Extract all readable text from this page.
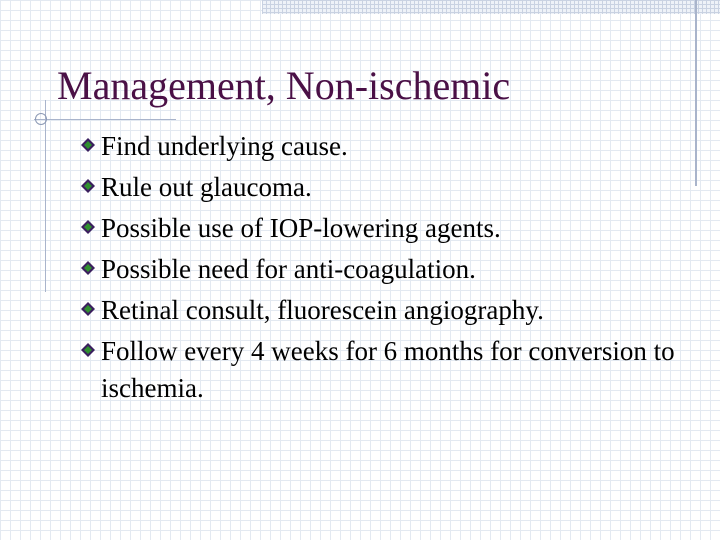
Management, Non-ischemic
Find underlying cause.
Rule out glaucoma.
Possible use of IOP-lowering agents.
Possible need for anti-coagulation.
Retinal consult, fluorescein angiography.
Follow every 4 weeks for 6 months for conversion to ischemia.
